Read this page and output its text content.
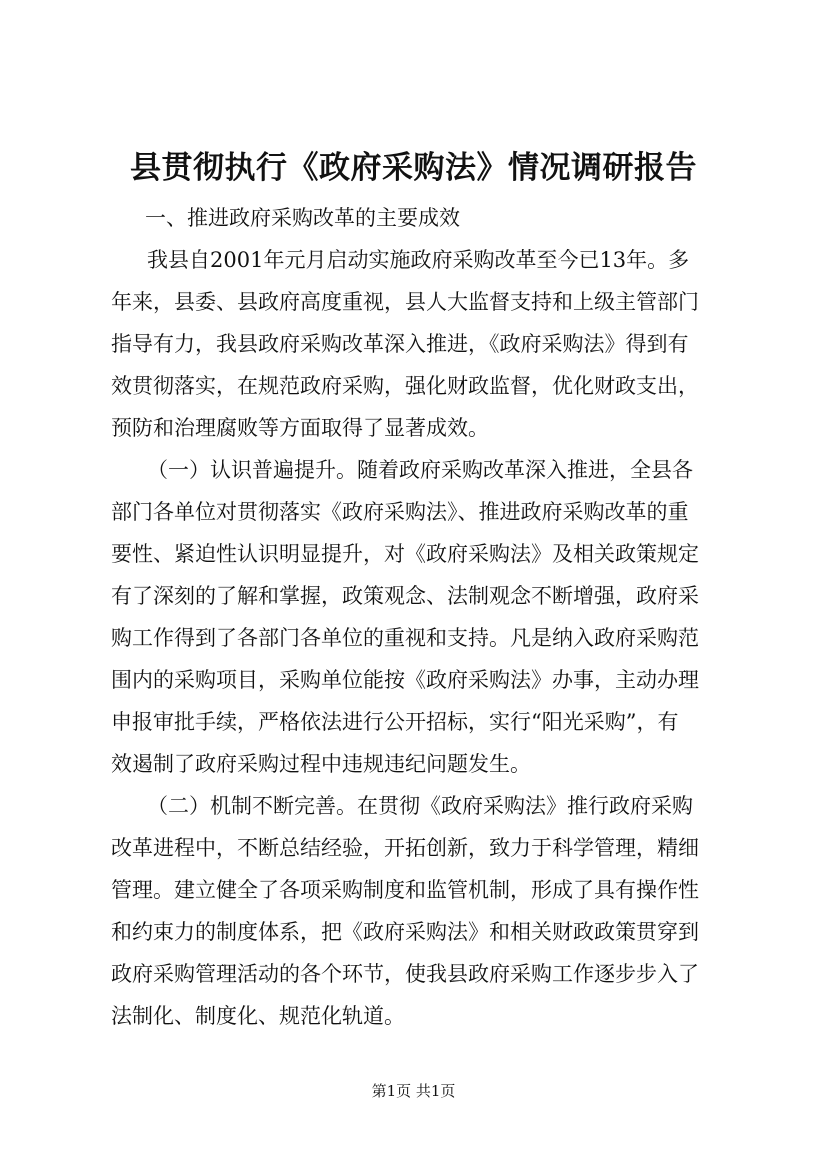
县贯彻执行《政府采购法》情况调研报告
一、推进政府采购改革的主要成效
我县自2001年元月启动实施政府采购改革至今已13年。多
年来，县委、县政府高度重视，县人大监督支持和上级主管部门
指导有力，我县政府采购改革深入推进，《政府采购法》得到有
效贯彻落实，在规范政府采购，强化财政监督，优化财政支出，
预防和治理腐败等方面取得了显著成效。
（一）认识普遍提升。随着政府采购改革深入推进，全县各
部门各单位对贯彻落实《政府采购法》、推进政府采购改革的重
要性、紧迫性认识明显提升，对《政府采购法》及相关政策规定
有了深刻的了解和掌握，政策观念、法制观念不断增强，政府采
购工作得到了各部门各单位的重视和支持。凡是纳入政府采购范
围内的采购项目，采购单位能按《政府采购法》办事，主动办理
申报审批手续，严格依法进行公开招标，实行“阳光采购”，有
效遏制了政府采购过程中违规违纪问题发生。
（二）机制不断完善。在贯彻《政府采购法》推行政府采购
改革进程中，不断总结经验，开拓创新，致力于科学管理，精细
管理。建立健全了各项采购制度和监管机制，形成了具有操作性
和约束力的制度体系，把《政府采购法》和相关财政政策贯穿到
政府采购管理活动的各个环节，使我县政府采购工作逐步步入了
法制化、制度化、规范化轨道。
第1页 共1页
